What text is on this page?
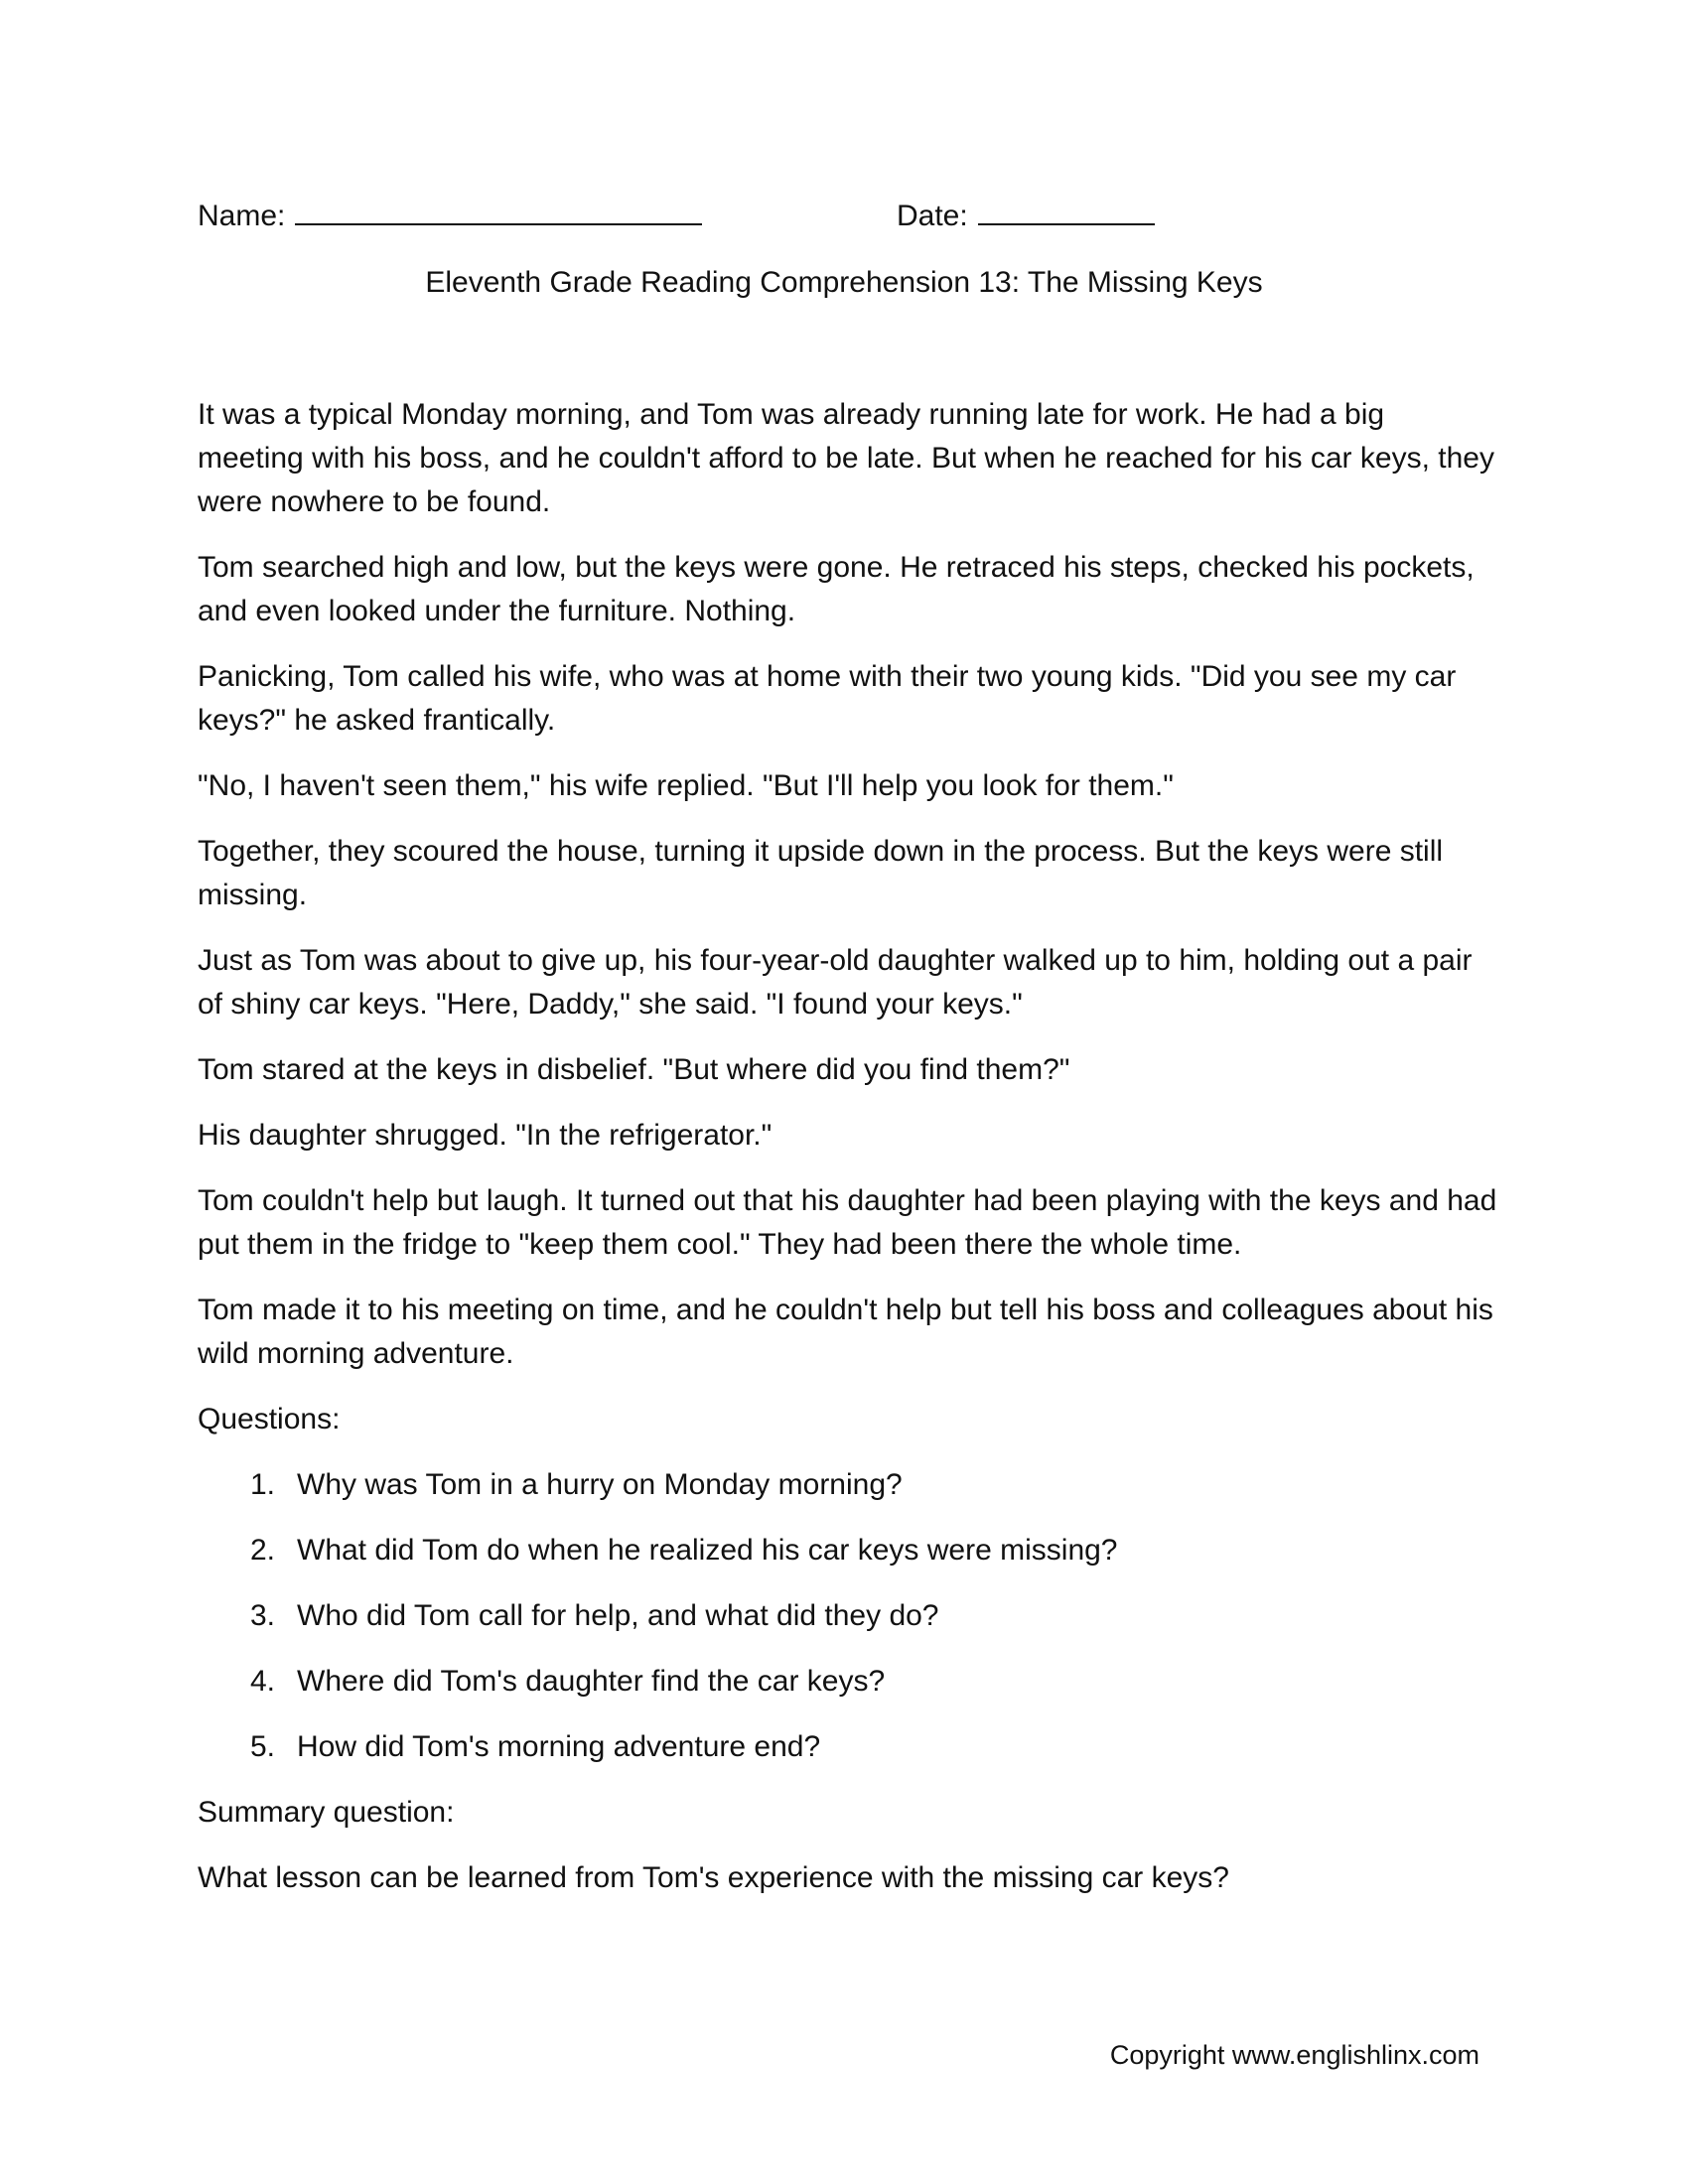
Name:	Date:
Eleventh Grade Reading Comprehension 13: The Missing Keys

It was a typical Monday morning, and Tom was already running late for work. He had a big meeting with his boss, and he couldn't afford to be late. But when he reached for his car keys, they were nowhere to be found.

Tom searched high and low, but the keys were gone. He retraced his steps, checked his pockets, and even looked under the furniture. Nothing.

Panicking, Tom called his wife, who was at home with their two young kids. "Did you see my car keys?" he asked frantically.

"No, I haven't seen them," his wife replied. "But I'll help you look for them."

Together, they scoured the house, turning it upside down in the process. But the keys were still missing.

Just as Tom was about to give up, his four-year-old daughter walked up to him, holding out a pair of shiny car keys. "Here, Daddy," she said. "I found your keys."

Tom stared at the keys in disbelief. "But where did you find them?"

His daughter shrugged. "In the refrigerator."

Tom couldn't help but laugh. It turned out that his daughter had been playing with the keys and had put them in the fridge to "keep them cool." They had been there the whole time.

Tom made it to his meeting on time, and he couldn't help but tell his boss and colleagues about his wild morning adventure.

Questions:

1. Why was Tom in a hurry on Monday morning?
2. What did Tom do when he realized his car keys were missing?
3. Who did Tom call for help, and what did they do?
4. Where did Tom's daughter find the car keys?
5. How did Tom's morning adventure end?

Summary question:

What lesson can be learned from Tom's experience with the missing car keys?

Copyright www.englishlinx.com
